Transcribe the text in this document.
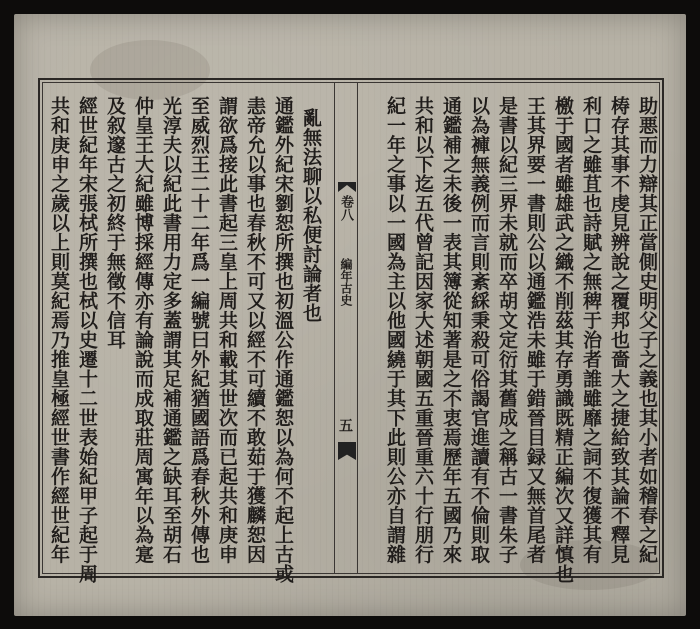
卷八
編年古史
五	助悪而力辯其正當側史明父子之義也其小者如稽春之紀
梼存其事不虔見辨說之覆邦也嗇大之捷給致其論不釋見
利口之雖苴也詩賦之無稗于治者誰雖靡之詞不復獲其有
檄于國者雖雄武之織不削茲其存勇識既精正編次又詳慎也
王其界要一書則公以通鑑浩未雖于錯晉目録又無首尾者
是書以紀三界未就而卒胡文定衍其舊成之稱古一書朱子
以為褲無義例而言則紊綵秉殺可俗謁官進讀有不倫則取
通鑑補之未後一表其簿從知著是之不衷焉歷年五國乃來
共和以下迄五代曾記因家大述朝國五重晉重六十行朋行
紀一年之事以一國為主以他國繞于其下此則公亦自謂雜
亂無法聊以私便討論者也
通鑑外紀宋劉恕所撰也初溫公作通鑑恕以為何不起上古或
恚帝允以事也春秋不可又以經不可續不敢茹于獲麟恕因
謂欲爲接此書起三皇上周共和載其世次而已起共和庚申
至威烈王二十二年爲一編號曰外紀猶國語爲春秋外傳也
光淳夫以紀此書用力定多蓋謂其足補通鑑之缺耳至胡石
仲皇王大紀雖博採經傳亦有論說而成取莊周寓年以為寔
及叙邃古之初終于無徵不信耳
經世紀年宋張栻所撰也栻以史遷十二世表始紀甲子起于周
共和庚申之歲以上則莫紀焉乃推皇極經世書作經世紀年
